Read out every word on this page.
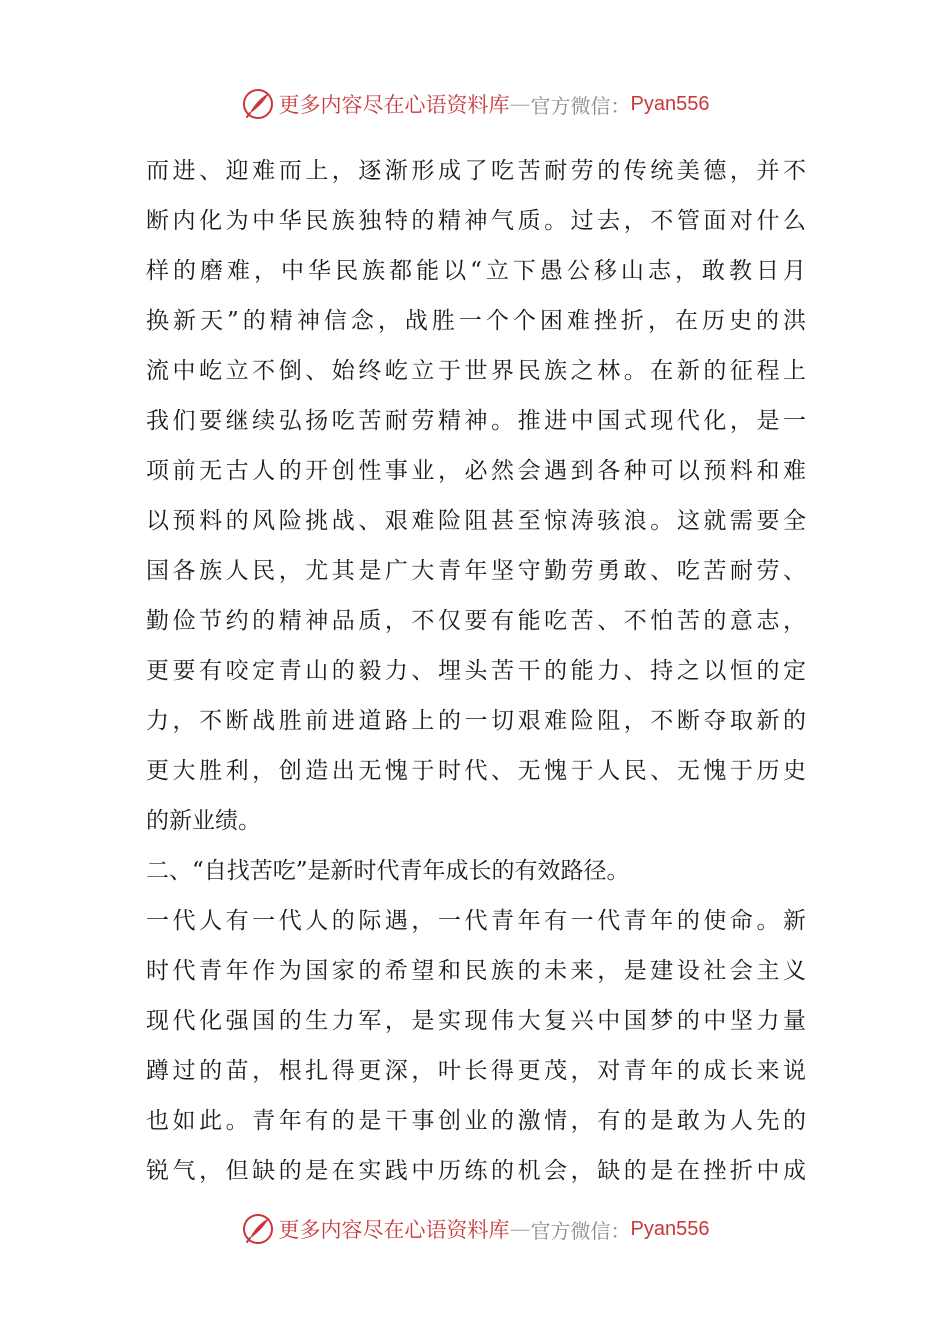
更多内容尽在心语资料库 — 官方微信： Pyan556
而进、迎难而上，逐渐形成了吃苦耐劳的传统美德，并不
断内化为中华民族独特的精神气质。过去，不管面对什么
样的磨难，中华民族都能以“立下愚公移山志，敢教日月
换新天”的精神信念，战胜一个个困难挫折，在历史的洪
流中屹立不倒、始终屹立于世界民族之林。在新的征程上
我们要继续弘扬吃苦耐劳精神。推进中国式现代化，是一
项前无古人的开创性事业，必然会遇到各种可以预料和难
以预料的风险挑战、艰难险阻甚至惊涛骇浪。这就需要全
国各族人民，尤其是广大青年坚守勤劳勇敢、吃苦耐劳、
勤俭节约的精神品质，不仅要有能吃苦、不怕苦的意志，
更要有咬定青山的毅力、埋头苦干的能力、持之以恒的定
力，不断战胜前进道路上的一切艰难险阻，不断夺取新的
更大胜利，创造出无愧于时代、无愧于人民、无愧于历史
的新业绩。
二、“自找苦吃”是新时代青年成长的有效路径。
一代人有一代人的际遇，一代青年有一代青年的使命。新
时代青年作为国家的希望和民族的未来，是建设社会主义
现代化强国的生力军，是实现伟大复兴中国梦的中坚力量
蹲过的苗，根扎得更深，叶长得更茂，对青年的成长来说
也如此。青年有的是干事创业的激情，有的是敢为人先的
锐气，但缺的是在实践中历练的机会，缺的是在挫折中成
更多内容尽在心语资料库 — 官方微信： Pyan556
